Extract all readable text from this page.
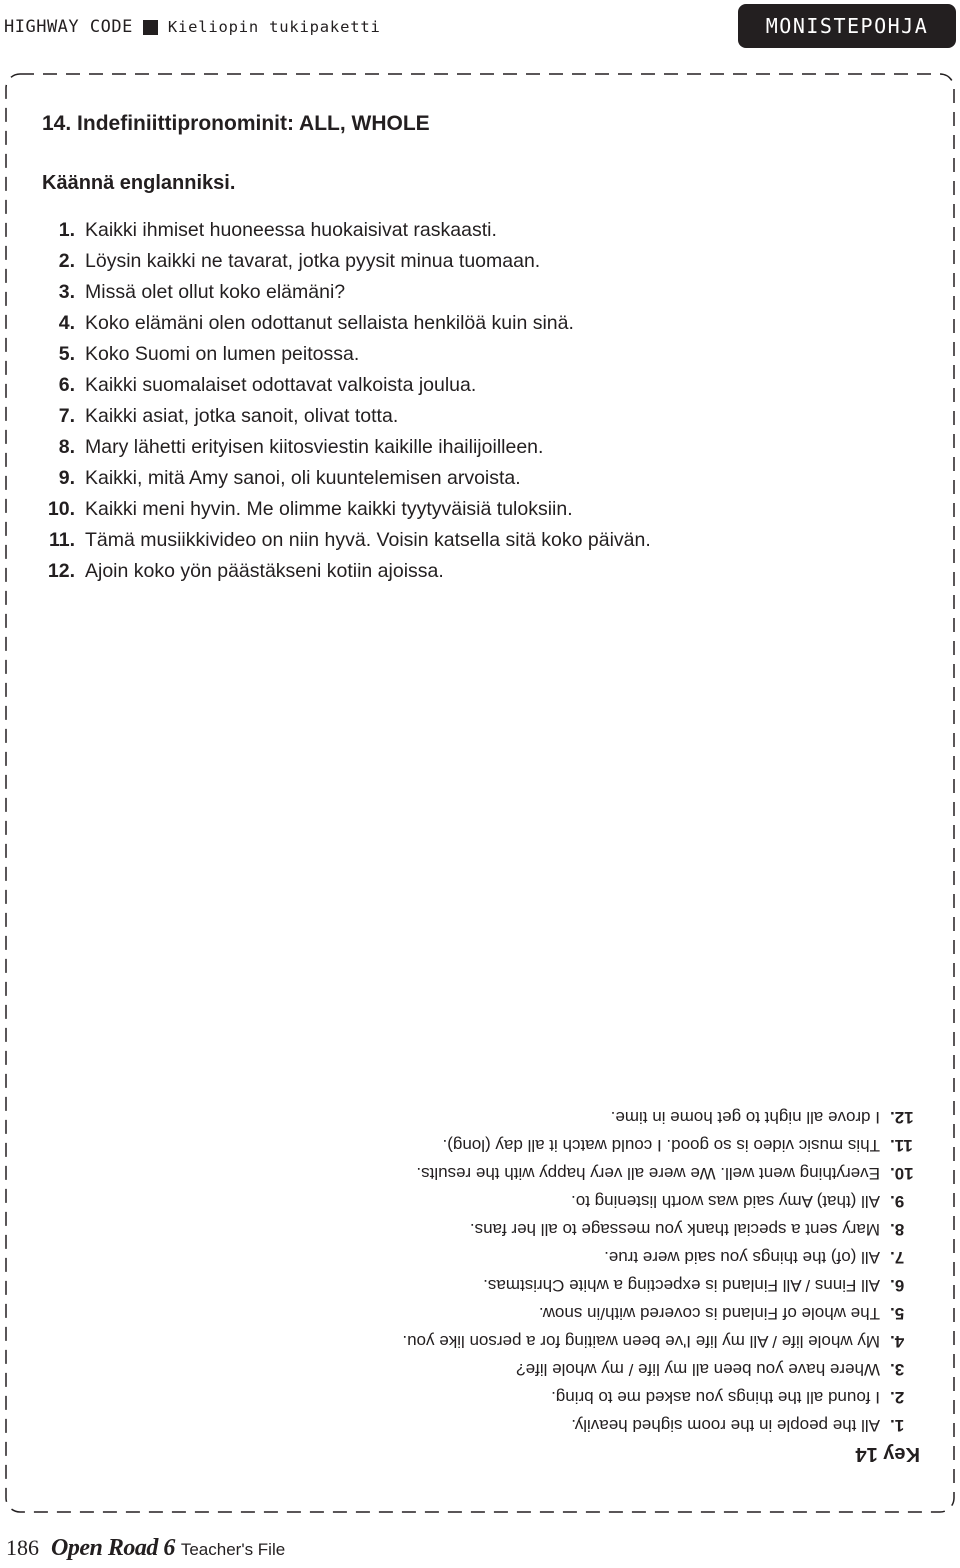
HIGHWAY CODE Kieliopin tukipaketti	MONISTEPOHJA
14. Indefiniittipronominit: ALL, WHOLE
Käännä englanniksi.
1. Kaikki ihmiset huoneessa huokaisivat raskaasti.
2. Löysin kaikki ne tavarat, jotka pyysit minua tuomaan.
3. Missä olet ollut koko elämäni?
4. Koko elämäni olen odottanut sellaista henkilöä kuin sinä.
5. Koko Suomi on lumen peitossa.
6. Kaikki suomalaiset odottavat valkoista joulua.
7. Kaikki asiat, jotka sanoit, olivat totta.
8. Mary lähetti erityisen kiitosviestin kaikille ihailijoilleen.
9. Kaikki, mitä Amy sanoi, oli kuuntelemisen arvoista.
10. Kaikki meni hyvin. Me olimme kaikki tyytyväisiä tuloksiin.
11. Tämä musiikkivideo on niin hyvä. Voisin katsella sitä koko päivän.
12. Ajoin koko yön päästäkseni kotiin ajoissa.
Key 14
1.
All the people in the room sighed heavily.
2.
I found all the things you asked me to bring.
3.
Where have you been all my life / my whole life?
4.
My whole life / All my life I've been waiting for a person like you.
5.
The whole of Finland is covered with/in snow.
6.
All Finns / All Finland is expecting a white Christmas.
7.
All (of) the things you said were true.
8.
Mary sent a special thank you message to all her fans.
9.
All (that) Amy said was worth listening to.
10.
Everything went well. We were all very happy with the results.
11.
This music video is so good. I could watch it all day (long).
12.
I drove all night to get home in time.
186 Open Road 6 Teacher's File
